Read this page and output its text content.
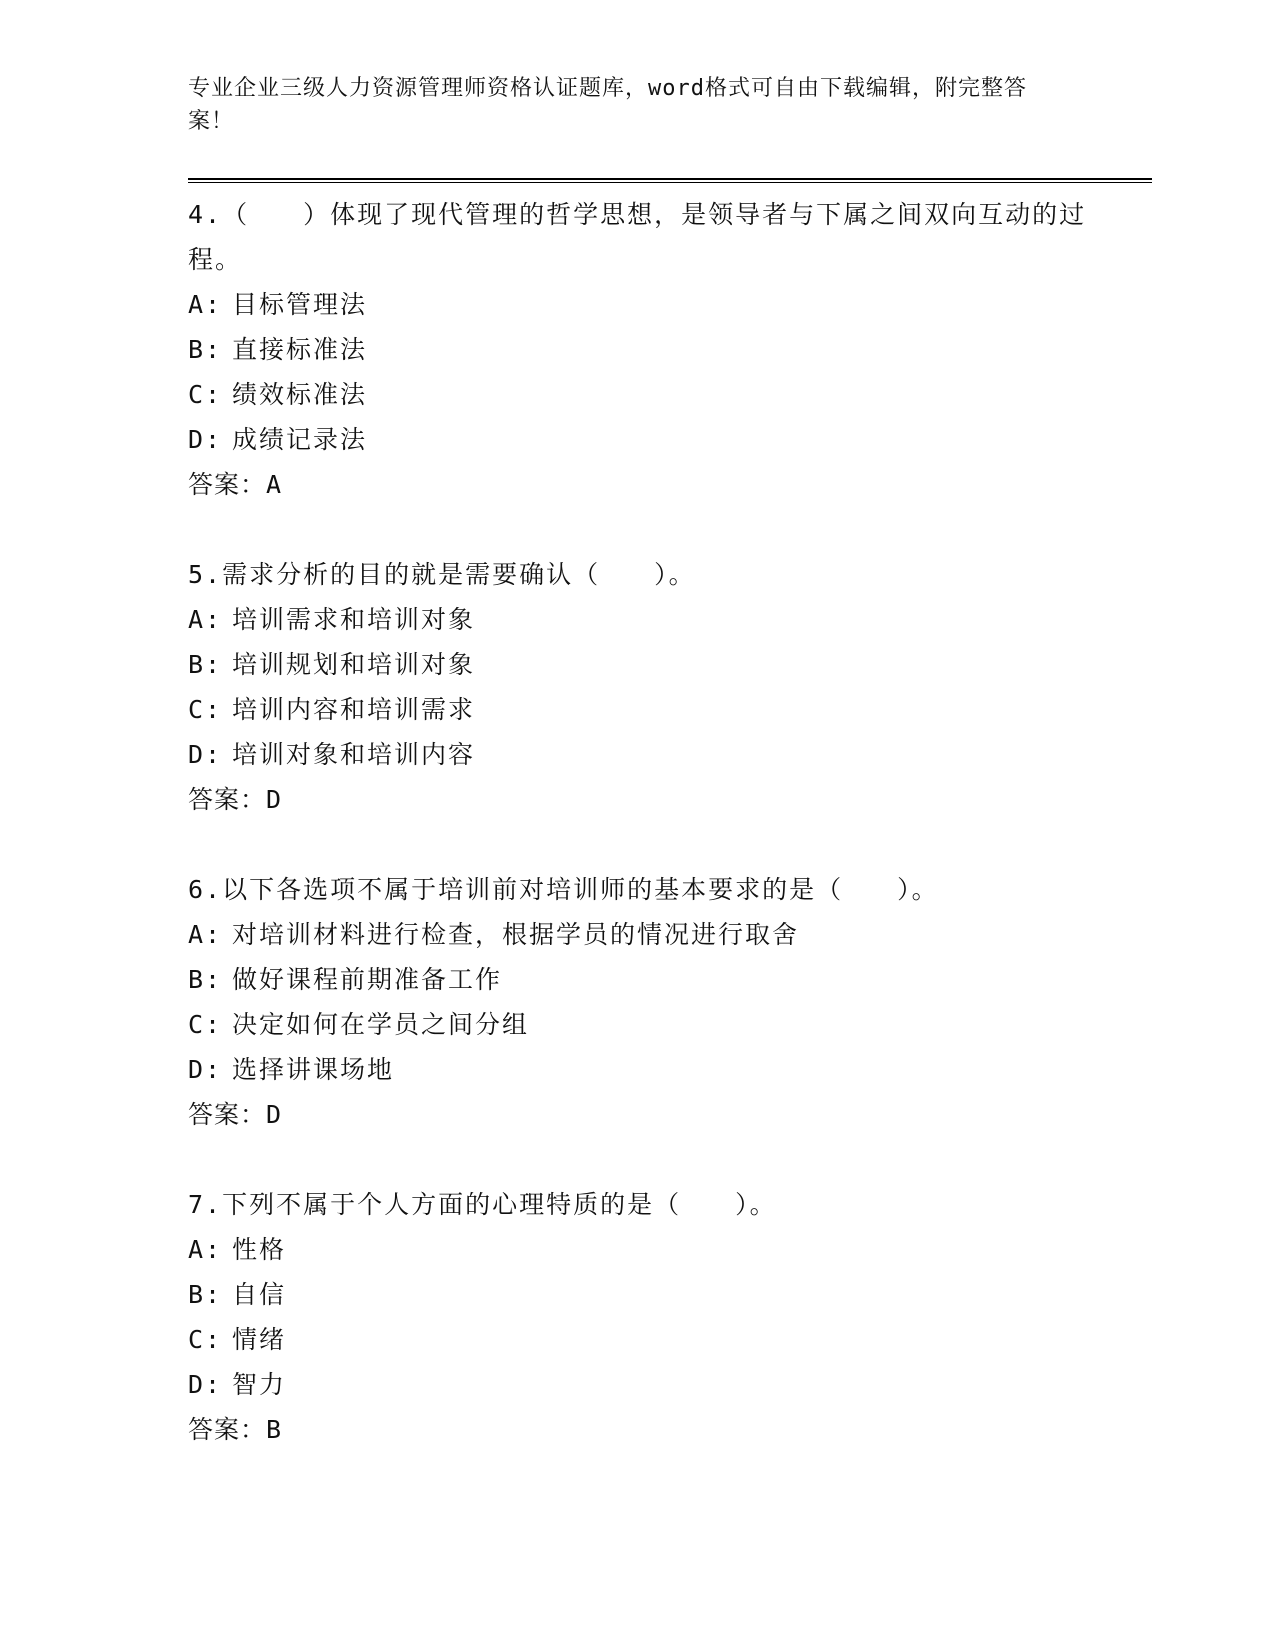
专业企业三级人力资源管理师资格认证题库，word格式可自由下载编辑，附完整答案！
4.（　　）体现了现代管理的哲学思想，是领导者与下属之间双向互动的过程。
A: 目标管理法
B: 直接标准法
C: 绩效标准法
D: 成绩记录法
答案：A
5.需求分析的目的就是需要确认（　　）。
A: 培训需求和培训对象
B: 培训规划和培训对象
C: 培训内容和培训需求
D: 培训对象和培训内容
答案：D
6.以下各选项不属于培训前对培训师的基本要求的是（　　）。
A: 对培训材料进行检查，根据学员的情况进行取舍
B: 做好课程前期准备工作
C: 决定如何在学员之间分组
D: 选择讲课场地
答案：D
7.下列不属于个人方面的心理特质的是（　　）。
A: 性格
B: 自信
C: 情绪
D: 智力
答案：B
